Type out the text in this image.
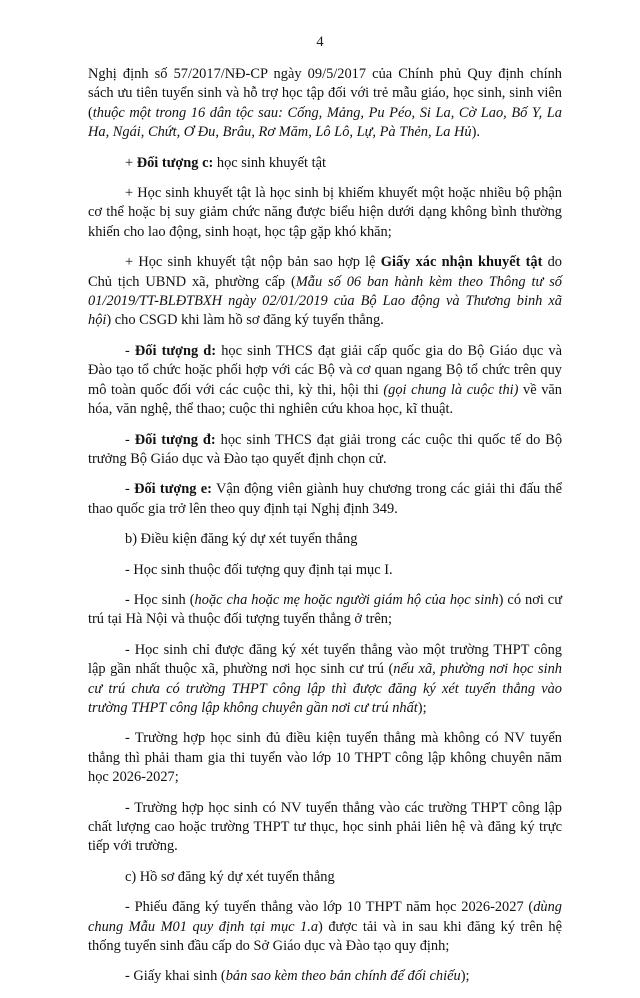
4

Nghị định số 57/2017/NĐ-CP ngày 09/5/2017 của Chính phủ Quy định chính sách ưu tiên tuyển sinh và hỗ trợ học tập đối với trẻ mẫu giáo, học sinh, sinh viên (thuộc một trong 16 dân tộc sau: Cống, Mảng, Pu Péo, Si La, Cờ Lao, Bố Y, La Ha, Ngái, Chứt, Ơ Đu, Brâu, Rơ Măm, Lô Lô, Lự, Pà Thẻn, La Hủ).

+ Đối tượng c: học sinh khuyết tật

+ Học sinh khuyết tật là học sinh bị khiếm khuyết một hoặc nhiều bộ phận cơ thể hoặc bị suy giảm chức năng được biểu hiện dưới dạng không bình thường khiến cho lao động, sinh hoạt, học tập gặp khó khăn;

+ Học sinh khuyết tật nộp bản sao hợp lệ Giấy xác nhận khuyết tật do Chủ tịch UBND xã, phường cấp (Mẫu số 06 ban hành kèm theo Thông tư số 01/2019/TT-BLĐTBXH ngày 02/01/2019 của Bộ Lao động và Thương binh xã hội) cho CSGD khi làm hồ sơ đăng ký tuyển thẳng.

- Đối tượng d: học sinh THCS đạt giải cấp quốc gia do Bộ Giáo dục và Đào tạo tổ chức hoặc phối hợp với các Bộ và cơ quan ngang Bộ tổ chức trên quy mô toàn quốc đối với các cuộc thi, kỳ thi, hội thi (gọi chung là cuộc thi) về văn hóa, văn nghệ, thể thao; cuộc thi nghiên cứu khoa học, kĩ thuật.

- Đối tượng đ: học sinh THCS đạt giải trong các cuộc thi quốc tế do Bộ trưởng Bộ Giáo dục và Đào tạo quyết định chọn cử.

- Đối tượng e: Vận động viên giành huy chương trong các giải thi đấu thể thao quốc gia trở lên theo quy định tại Nghị định 349.

b) Điều kiện đăng ký dự xét tuyển thẳng

- Học sinh thuộc đối tượng quy định tại mục I.

- Học sinh (hoặc cha hoặc mẹ hoặc người giám hộ của học sinh) có nơi cư trú tại Hà Nội và thuộc đối tượng tuyển thẳng ở trên;

- Học sinh chỉ được đăng ký xét tuyển thẳng vào một trường THPT công lập gần nhất thuộc xã, phường nơi học sinh cư trú (nếu xã, phường nơi học sinh cư trú chưa có trường THPT công lập thì được đăng ký xét tuyển thẳng vào trường THPT công lập không chuyên gần nơi cư trú nhất);

- Trường hợp học sinh đủ điều kiện tuyển thẳng mà không có NV tuyển thẳng thì phải tham gia thi tuyển vào lớp 10 THPT công lập không chuyên năm học 2026-2027;

- Trường hợp học sinh có NV tuyển thẳng vào các trường THPT công lập chất lượng cao hoặc trường THPT tư thục, học sinh phải liên hệ và đăng ký trực tiếp với trường.

c) Hồ sơ đăng ký dự xét tuyển thẳng

- Phiếu đăng ký tuyển thẳng vào lớp 10 THPT năm học 2026-2027 (dùng chung Mẫu M01 quy định tại mục 1.a) được tải và in sau khi đăng ký trên hệ thống tuyển sinh đầu cấp do Sở Giáo dục và Đào tạo quy định;

- Giấy khai sinh (bản sao kèm theo bản chính để đối chiếu);
